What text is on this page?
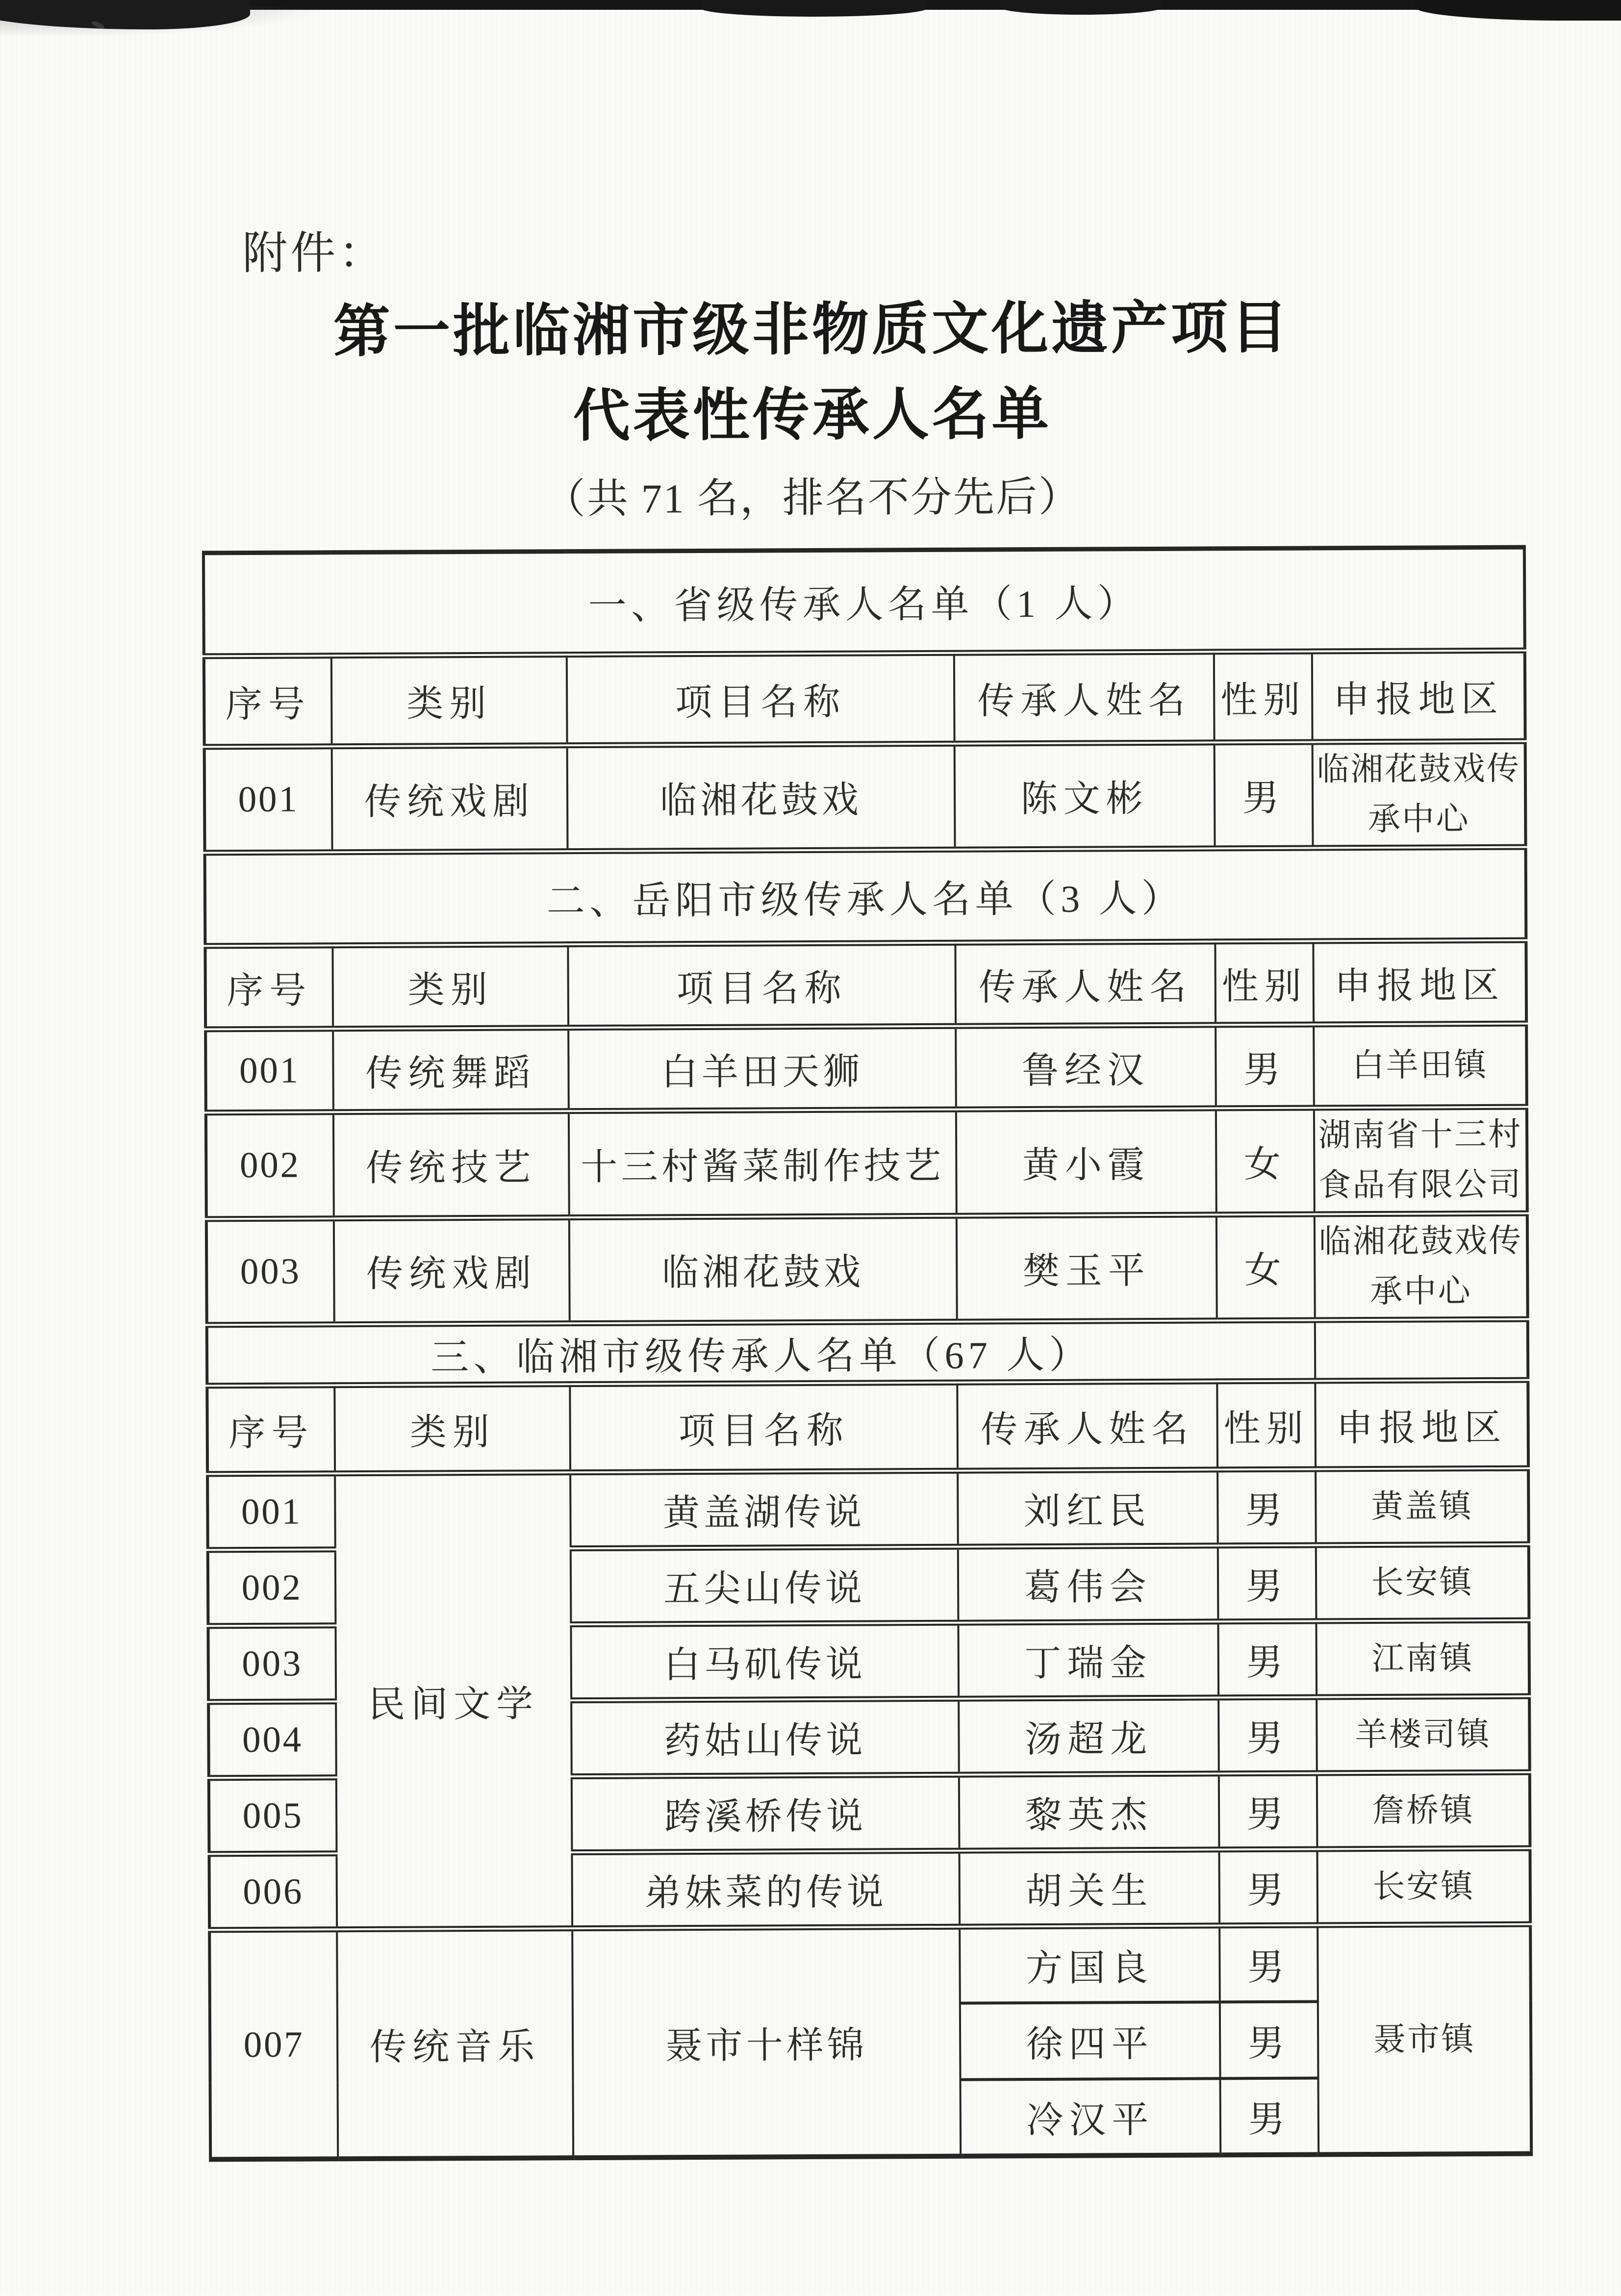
附件：
第一批临湘市级非物质文化遗产项目
代表性传承人名单
（共 71 名，排名不分先后）
一、省级传承人名单（1 人）					
序号	类别	项目名称	传承人姓名	性别	申报地区
001	传统戏剧	临湘花鼓戏	陈文彬	男	临湘花鼓戏传承中心
二、岳阳市级传承人名单（3 人）					
序号	类别	项目名称	传承人姓名	性别	申报地区
001	传统舞蹈	白羊田天狮	鲁经汉	男	白羊田镇
002	传统技艺	十三村酱菜制作技艺	黄小霞	女	湖南省十三村食品有限公司
003	传统戏剧	临湘花鼓戏	樊玉平	女	临湘花鼓戏传承中心
三、临湘市级传承人名单（67 人）					
序号	类别	项目名称	传承人姓名	性别	申报地区
001	民间文学	黄盖湖传说	刘红民	男	黄盖镇
002		五尖山传说	葛伟会	男	长安镇
003		白马矶传说	丁瑞金	男	江南镇
004		药姑山传说	汤超龙	男	羊楼司镇
005		跨溪桥传说	黎英杰	男	詹桥镇
006		弟妹菜的传说	胡关生	男	长安镇
007	传统音乐	聂市十样锦	方国良	男	聂市镇
			徐四平	男	
			冷汉平	男	
